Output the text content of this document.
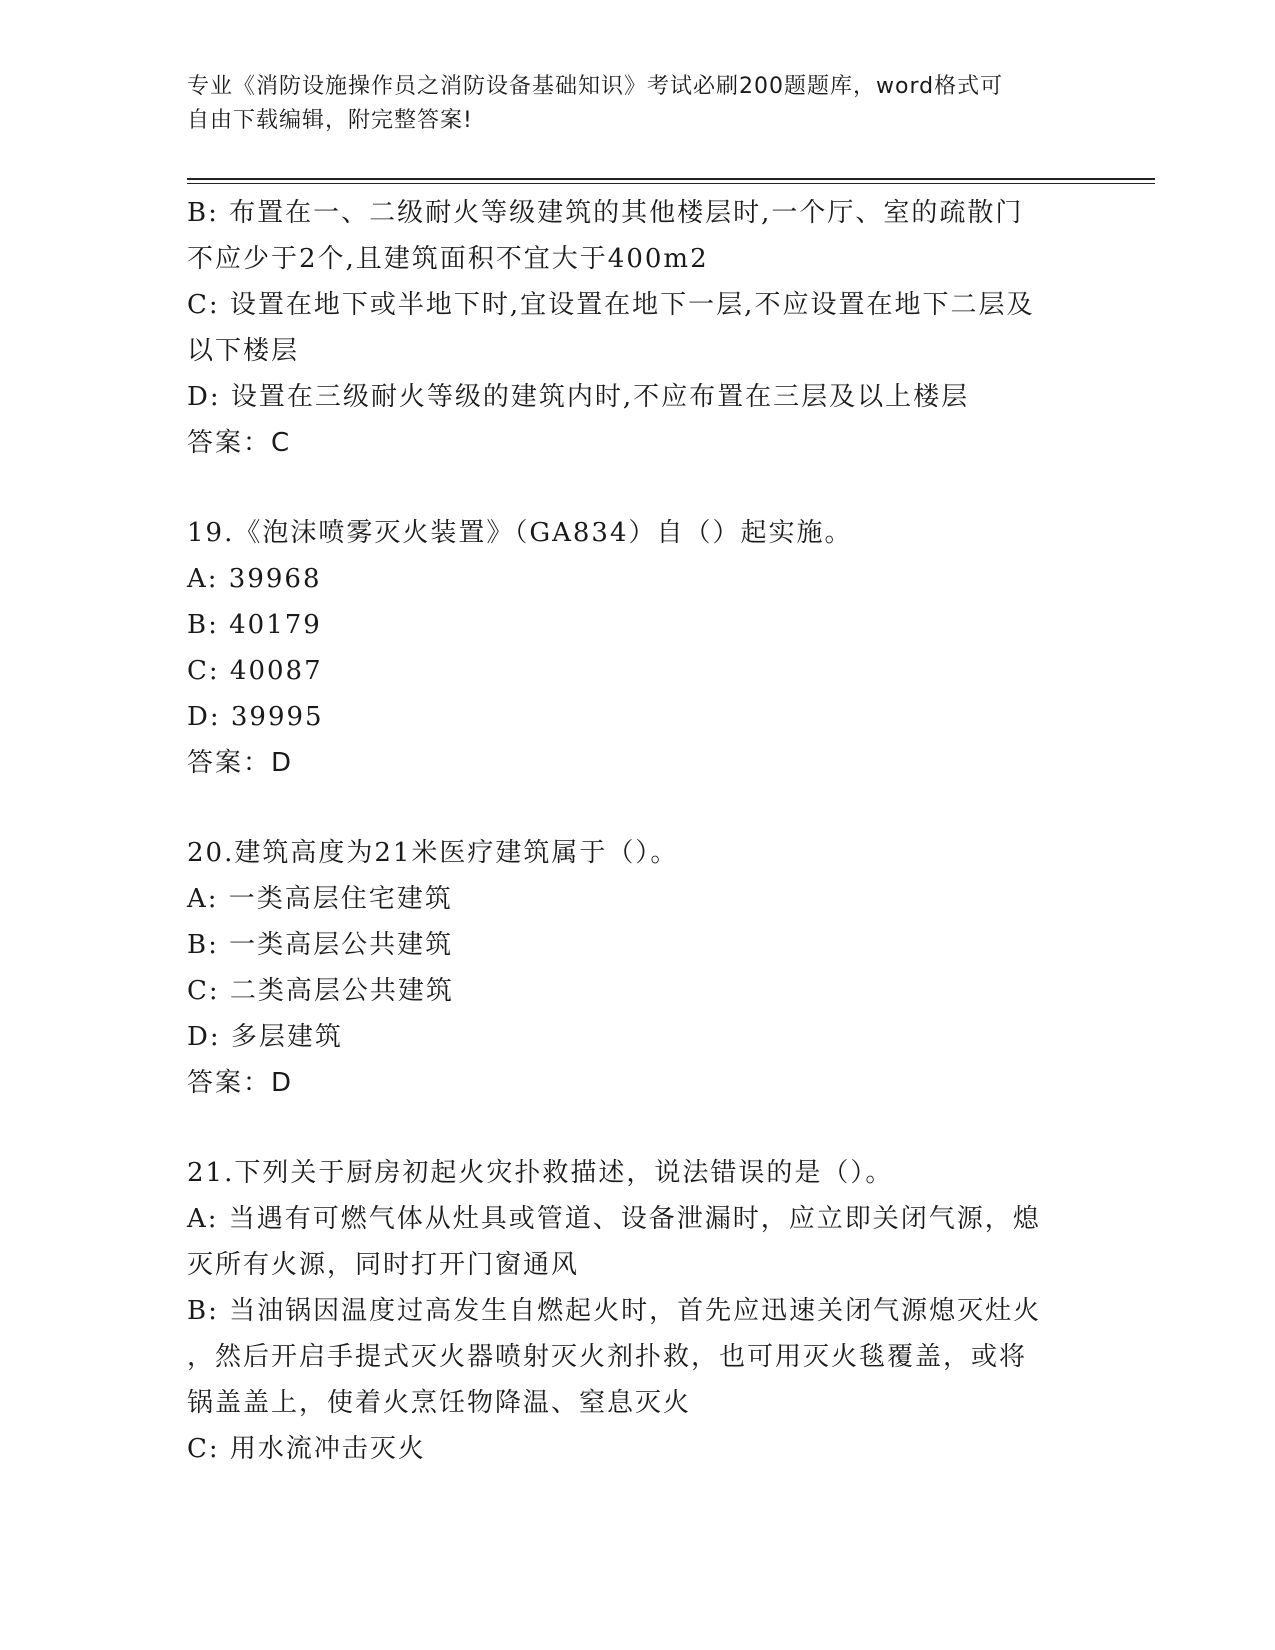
专业《消防设施操作员之消防设备基础知识》考试必刷200题题库，word格式可
自由下载编辑，附完整答案!
B: 布置在一、二级耐火等级建筑的其他楼层时,一个厅、室的疏散门
不应少于2个,且建筑面积不宜大于400m2
C: 设置在地下或半地下时,宜设置在地下一层,不应设置在地下二层及
以下楼层
D: 设置在三级耐火等级的建筑内时,不应布置在三层及以上楼层
答案：C
19.《泡沫喷雾灭火装置》（GA834）自（）起实施。
A: 39968
B: 40179
C: 40087
D: 39995
答案：D
20.建筑高度为21米医疗建筑属于（）。
A: 一类高层住宅建筑
B: 一类高层公共建筑
C: 二类高层公共建筑
D: 多层建筑
答案：D
21.下列关于厨房初起火灾扑救描述，说法错误的是（）。
A: 当遇有可燃气体从灶具或管道、设备泄漏时，应立即关闭气源，熄
灭所有火源，同时打开门窗通风
B: 当油锅因温度过高发生自燃起火时，首先应迅速关闭气源熄灭灶火
，然后开启手提式灭火器喷射灭火剂扑救，也可用灭火毯覆盖，或将
锅盖盖上，使着火烹饪物降温、窒息灭火
C: 用水流冲击灭火
